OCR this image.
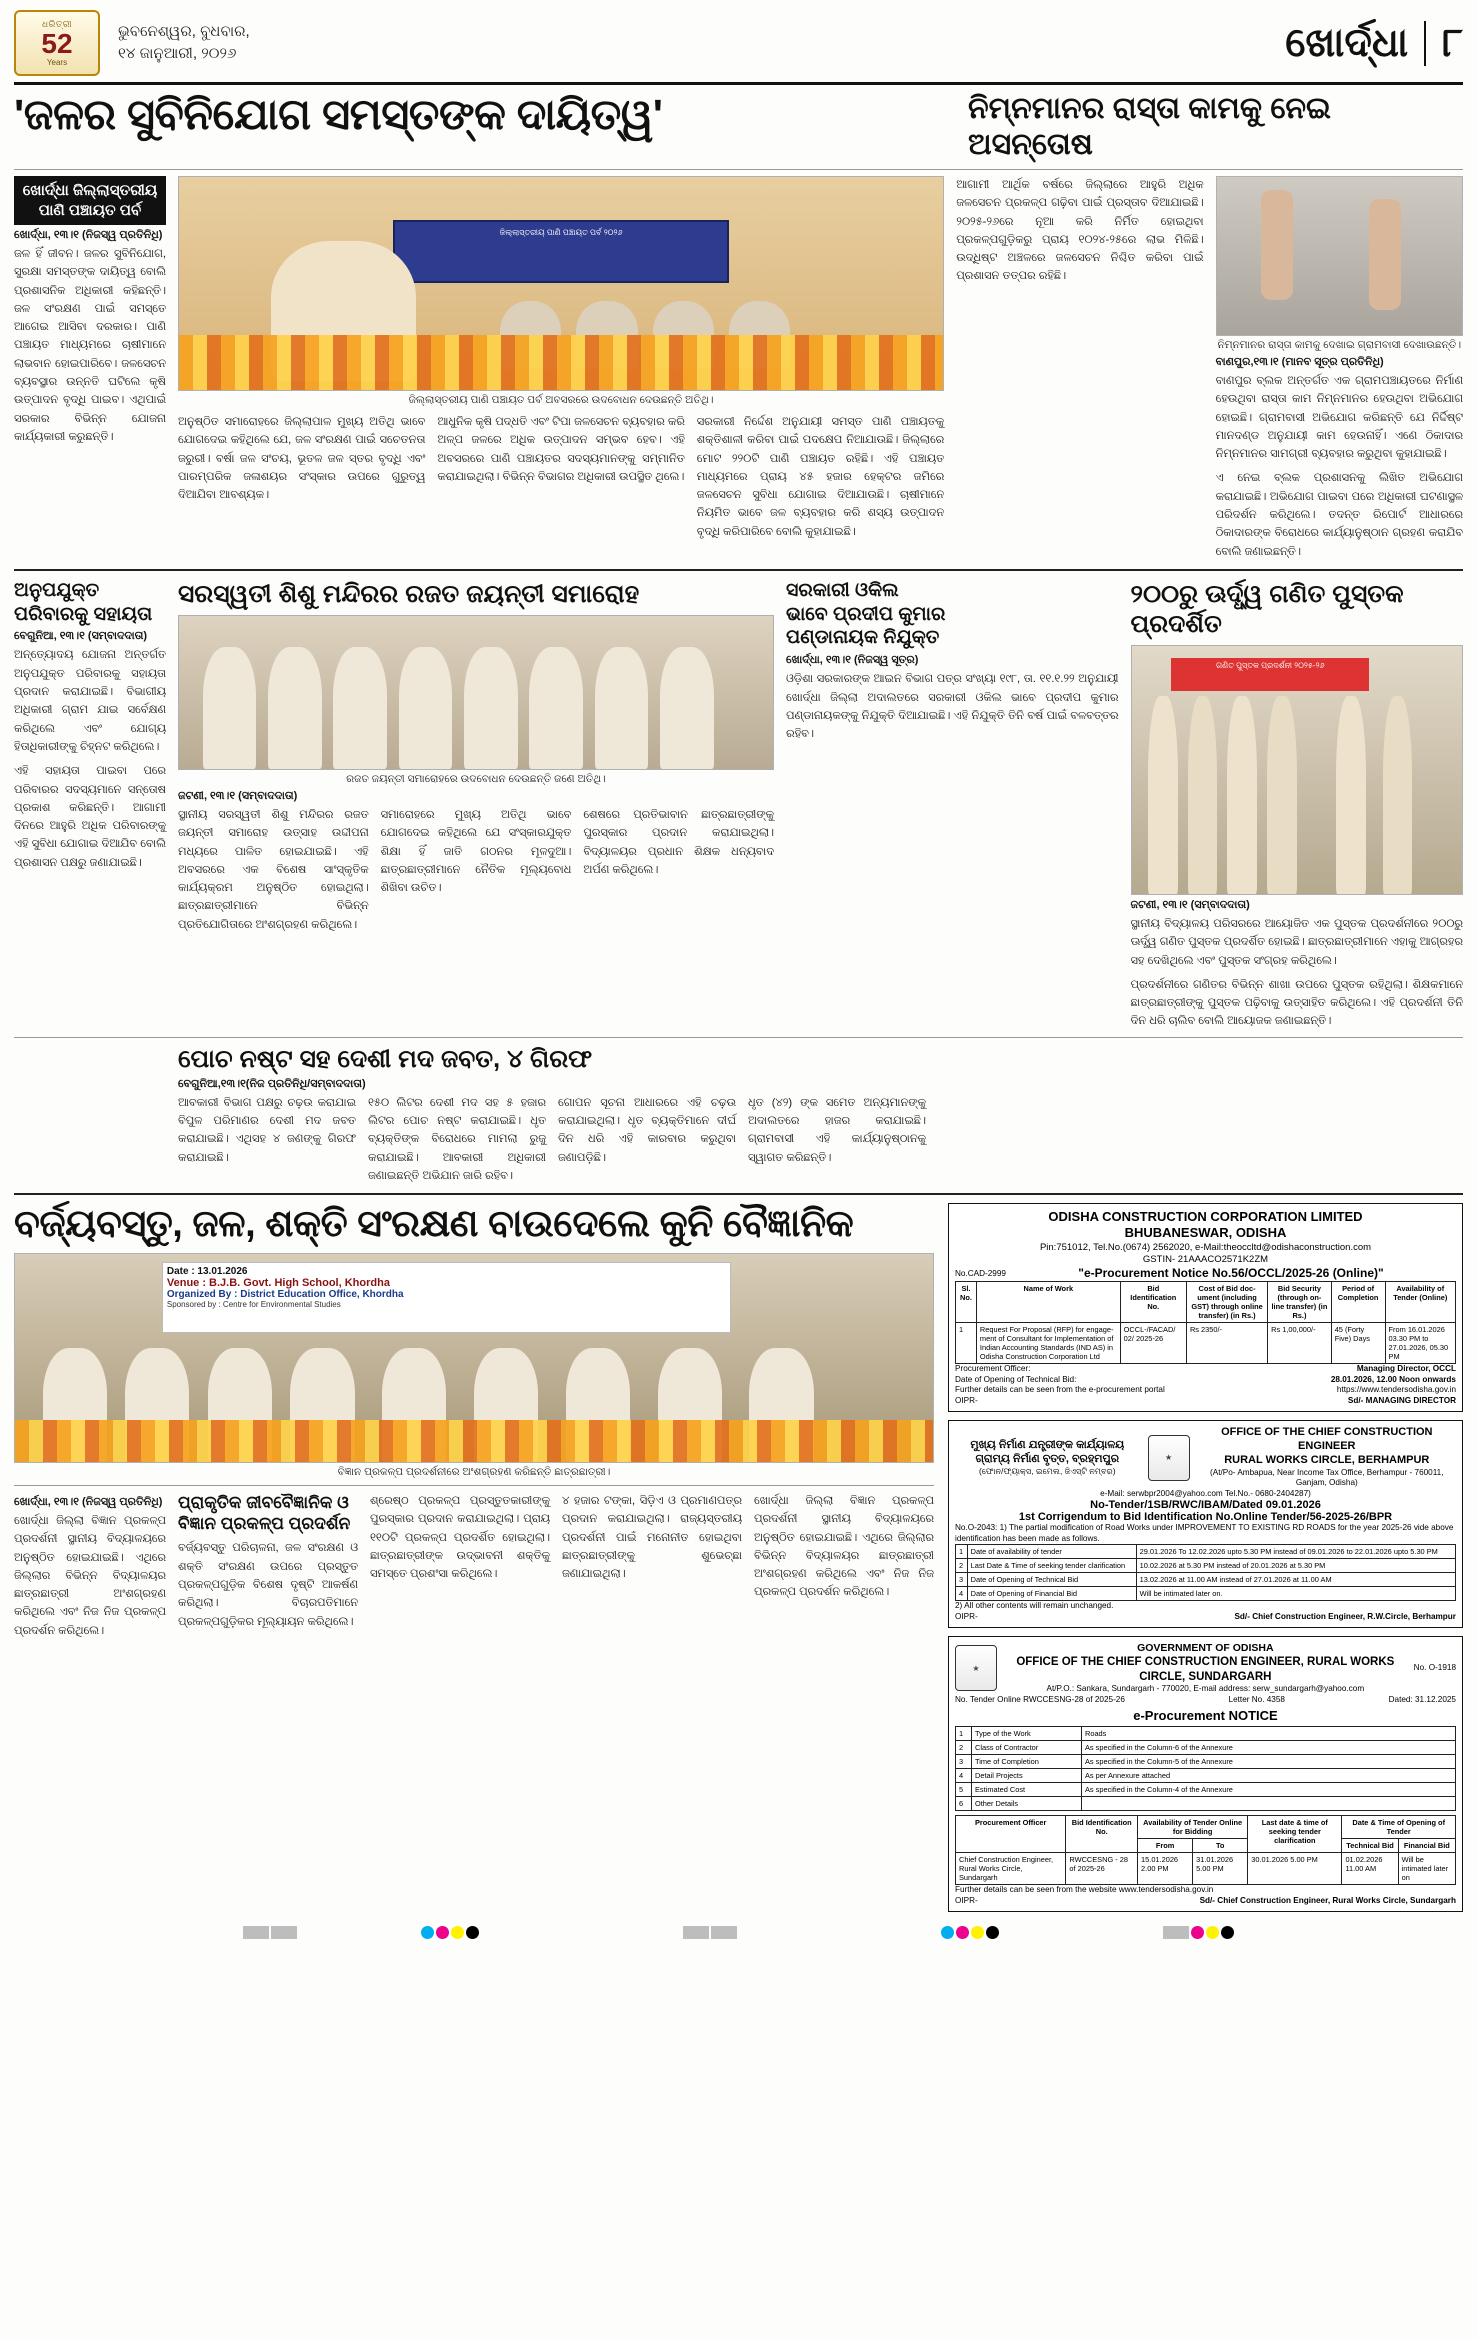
ଧରିତ୍ରୀ
52
Years
ଭୁବନେଶ୍ୱର, ବୁଧବାର,
୧୪ ଜାନୁଆରୀ, ୨୦୨୬	ଖୋର୍ଦ୍ଧା ୮
'ଜଳର ସୁବିନିଯୋଗ ସମସ୍ତଙ୍କ ଦାୟିତ୍ୱ'	ନିମ୍ନମାନର ରାସ୍ତା କାମକୁ ନେଇ ଅସନ୍ତୋଷ
ଖୋର୍ଦ୍ଧା ଜିଲ୍ଲାସ୍ତରୀୟ
ପାଣି ପଞ୍ଚାୟତ ପର୍ବ
ଖୋର୍ଦ୍ଧା, ୧୩।୧ (ନିଜସ୍ୱ ପ୍ରତିନିଧି)
ଜଳ ହିଁ ଜୀବନ। ଜଳର ସୁବିନିଯୋଗ, ସୁରକ୍ଷା ସମସ୍ତଙ୍କ ଦାୟିତ୍ୱ ବୋଲି ପ୍ରଶାସନିକ ଅଧିକାରୀ କହିଛନ୍ତି। ଜଳ ସଂରକ୍ଷଣ ପାଇଁ ସମସ୍ତେ ଆଗେଇ ଆସିବା ଦରକାର। ପାଣି ପଞ୍ଚାୟତ ମାଧ୍ୟମରେ ଚାଷୀମାନେ ଲାଭବାନ ହୋଇପାରିବେ। ଜଳସେଚନ ବ୍ୟବସ୍ଥାର ଉନ୍ନତି ଘଟିଲେ କୃଷି ଉତ୍ପାଦନ ବୃଦ୍ଧି ପାଇବ। ଏଥିପାଇଁ ସରକାର ବିଭିନ୍ନ ଯୋଜନା କାର୍ଯ୍ୟକାରୀ କରୁଛନ୍ତି।
ଜିଲ୍ଲାସ୍ତରୀୟ ପାଣି ପଞ୍ଚାୟତ ପର୍ବ ୨୦୨୬
ଜିଲ୍ଲାସ୍ତରୀୟ ପାଣି ପଞ୍ଚାୟତ ପର୍ବ ଅବସରରେ ଉଦବୋଧନ ଦେଉଛନ୍ତି ଅତିଥି।
ଅନୁଷ୍ଠିତ ସମାରୋହରେ ଜିଲ୍ଲାପାଳ ମୁଖ୍ୟ ଅତିଥି ଭାବେ ଯୋଗଦେଇ କହିଥିଲେ ଯେ, ଜଳ ସଂରକ୍ଷଣ ପାଇଁ ସଚେତନତା ଜରୁରୀ। ବର୍ଷା ଜଳ ସଂଚୟ, ଭୂତଳ ଜଳ ସ୍ତର ବୃଦ୍ଧି ଏବଂ ପାରମ୍ପରିକ ଜଳାଶୟର ସଂସ୍କାର ଉପରେ ଗୁରୁତ୍ୱ ଦିଆଯିବା ଆବଶ୍ୟକ।
ଆଧୁନିକ କୃଷି ପଦ୍ଧତି ଏବଂ ଟିପା ଜଳସେଚନ ବ୍ୟବହାର କରି ଅଳ୍ପ ଜଳରେ ଅଧିକ ଉତ୍ପାଦନ ସମ୍ଭବ ହେବ। ଏହି ଅବସରରେ ପାଣି ପଞ୍ଚାୟତର ସଦସ୍ୟମାନଙ୍କୁ ସମ୍ମାନିତ କରାଯାଇଥିଲା। ବିଭିନ୍ନ ବିଭାଗର ଅଧିକାରୀ ଉପସ୍ଥିତ ଥିଲେ।
ସରକାରୀ ନିର୍ଦ୍ଦେଶ ଅନୁଯାୟୀ ସମସ୍ତ ପାଣି ପଞ୍ଚାୟତକୁ ଶକ୍ତିଶାଳୀ କରିବା ପାଇଁ ପଦକ୍ଷେପ ନିଆଯାଉଛି। ଜିଲ୍ଲାରେ ମୋଟ ୨୨୦ଟି ପାଣି ପଞ୍ଚାୟତ ରହିଛି। ଏହି ପଞ୍ଚାୟତ ମାଧ୍ୟମରେ ପ୍ରାୟ ୪୫ ହଜାର ହେକ୍ଟର ଜମିରେ ଜଳସେଚନ ସୁବିଧା ଯୋଗାଇ ଦିଆଯାଉଛି। ଚାଷୀମାନେ ନିୟମିତ ଭାବେ ଜଳ ବ୍ୟବହାର କରି ଶସ୍ୟ ଉତ୍ପାଦନ ବୃଦ୍ଧି କରିପାରିବେ ବୋଲି କୁହାଯାଇଛି।
ଆଗାମୀ ଆର୍ଥିକ ବର୍ଷରେ ଜିଲ୍ଲାରେ ଆହୁରି ଅଧିକ ଜଳସେଚନ ପ୍ରକଳ୍ପ ଗଢ଼ିବା ପାଇଁ ପ୍ରସ୍ତାବ ଦିଆଯାଇଛି। ୨୦୨୫-୨୬ରେ ନୂଆ କରି ନିର୍ମିତ ହୋଇଥିବା ପ୍ରକଳ୍ପଗୁଡ଼ିକରୁ ପ୍ରାୟ ୧୦୨୪-୨୫ରେ ଲାଭ ମିଳିଛି। ଉଦ୍ଧିଷ୍ଟ ଅଞ୍ଚଳରେ ଜଳସେଚନ ନିଶ୍ଚିତ କରିବା ପାଇଁ ପ୍ରଶାସନ ତତ୍ପର ରହିଛି।
ନିମ୍ନମାନର ରାସ୍ତା କାମକୁ ଦେଖାଇ ଗ୍ରାମବାସୀ ଦେଖାଉଛନ୍ତି।
ବାଣପୁର,୧୩।୧ (ମାନବ ସୂତ୍ର ପ୍ରତିନିଧି)
ବାଣପୁର ବ୍ଲକ ଅନ୍ତର୍ଗତ ଏକ ଗ୍ରାମପଞ୍ଚାୟତରେ ନିର୍ମାଣ ହେଉଥିବା ରାସ୍ତା କାମ ନିମ୍ନମାନର ହେଉଥିବା ଅଭିଯୋଗ ହୋଇଛି। ଗ୍ରାମବାସୀ ଅଭିଯୋଗ କରିଛନ୍ତି ଯେ ନିର୍ଦ୍ଦିଷ୍ଟ ମାନଦଣ୍ଡ ଅନୁଯାୟୀ କାମ ହେଉନାହିଁ। ଏଣେ ଠିକାଦାର ନିମ୍ନମାନର ସାମଗ୍ରୀ ବ୍ୟବହାର କରୁଥିବା କୁହାଯାଇଛି।
ଏ ନେଇ ବ୍ଲକ ପ୍ରଶାସନକୁ ଲିଖିତ ଅଭିଯୋଗ କରାଯାଇଛି। ଅଭିଯୋଗ ପାଇବା ପରେ ଅଧିକାରୀ ଘଟଣାସ୍ଥଳ ପରିଦର୍ଶନ କରିଥିଲେ। ତଦନ୍ତ ରିପୋର୍ଟ ଆଧାରରେ ଠିକାଦାରଙ୍କ ବିରୋଧରେ କାର୍ଯ୍ୟାନୁଷ୍ଠାନ ଗ୍ରହଣ କରାଯିବ ବୋଲି ଜଣାଇଛନ୍ତି।
ଅନୁପଯୁକ୍ତ ପରିବାରକୁ ସହାୟତା
ବେଗୁନିଆ, ୧୩।୧ (ସମ୍ବାଦଦାତା)
ଅନ୍ତ୍ୟୋଦୟ ଯୋଜନା ଅନ୍ତର୍ଗତ ଅନୁପଯୁକ୍ତ ପରିବାରକୁ ସହାୟତା ପ୍ରଦାନ କରାଯାଇଛି। ବିଭାଗୀୟ ଅଧିକାରୀ ଗ୍ରାମ ଯାଇ ସର୍ବେକ୍ଷଣ କରିଥିଲେ ଏବଂ ଯୋଗ୍ୟ ହିତାଧିକାରୀଙ୍କୁ ଚିହ୍ନଟ କରିଥିଲେ।
ଏହି ସହାୟତା ପାଇବା ପରେ ପରିବାରର ସଦସ୍ୟମାନେ ସନ୍ତୋଷ ପ୍ରକାଶ କରିଛନ୍ତି। ଆଗାମୀ ଦିନରେ ଆହୁରି ଅଧିକ ପରିବାରଙ୍କୁ ଏହି ସୁବିଧା ଯୋଗାଇ ଦିଆଯିବ ବୋଲି ପ୍ରଶାସନ ପକ୍ଷରୁ ଜଣାଯାଇଛି।
ସରସ୍ୱତୀ ଶିଶୁ ମନ୍ଦିରର ରଜତ ଜୟନ୍ତୀ ସମାରୋହ
ରଜତ ଜୟନ୍ତୀ ସମାରୋହରେ ଉଦବୋଧନ ଦେଉଛନ୍ତି ଜଣେ ଅତିଥି।
ଜଟଣୀ, ୧୩।୧ (ସମ୍ବାଦଦାତା)
ସ୍ଥାନୀୟ ସରସ୍ୱତୀ ଶିଶୁ ମନ୍ଦିରର ରଜତ ଜୟନ୍ତୀ ସମାରୋହ ଉତ୍ସାହ ଉଦ୍ଦୀପନା ମଧ୍ୟରେ ପାଳିତ ହୋଇଯାଇଛି। ଏହି ଅବସରରେ ଏକ ବିଶେଷ ସାଂସ୍କୃତିକ କାର୍ଯ୍ୟକ୍ରମ ଅନୁଷ୍ଠିତ ହୋଇଥିଲା। ଛାତ୍ରଛାତ୍ରୀମାନେ ବିଭିନ୍ନ ପ୍ରତିଯୋଗିତାରେ ଅଂଶଗ୍ରହଣ କରିଥିଲେ।
ସମାରୋହରେ ମୁଖ୍ୟ ଅତିଥି ଭାବେ ଯୋଗଦେଇ କହିଥିଲେ ଯେ ସଂସ୍କାରଯୁକ୍ତ ଶିକ୍ଷା ହିଁ ଜାତି ଗଠନର ମୂଳଦୁଆ। ଛାତ୍ରଛାତ୍ରୀମାନେ ନୈତିକ ମୂଲ୍ୟବୋଧ ଶିଖିବା ଉଚିତ।
ଶେଷରେ ପ୍ରତିଭାବାନ ଛାତ୍ରଛାତ୍ରୀଙ୍କୁ ପୁରସ୍କାର ପ୍ରଦାନ କରାଯାଇଥିଲା। ବିଦ୍ୟାଳୟର ପ୍ରଧାନ ଶିକ୍ଷକ ଧନ୍ୟବାଦ ଅର୍ପଣ କରିଥିଲେ।
ସରକାରୀ ଓକିଲ
ଭାବେ ପ୍ରଦୀପ କୁମାର
ପଣ୍ଡାନାୟକ ନିଯୁକ୍ତ
ଖୋର୍ଦ୍ଧା, ୧୩।୧ (ନିଜସ୍ୱ ସୂତ୍ର)
ଓଡ଼ିଶା ସରକାରଙ୍କ ଆଇନ ବିଭାଗ ପତ୍ର ସଂଖ୍ୟା ୧୯୮, ତା. ୧୧.୧.୨୨ ଅନୁଯାୟୀ ଖୋର୍ଦ୍ଧା ଜିଲ୍ଲା ଅଦାଲତରେ ସରକାରୀ ଓକିଲ ଭାବେ ପ୍ରଦୀପ କୁମାର ପଣ୍ଡାନାୟକଙ୍କୁ ନିଯୁକ୍ତି ଦିଆଯାଇଛି। ଏହି ନିଯୁକ୍ତି ତିନି ବର୍ଷ ପାଇଁ ବଳବତ୍ତର ରହିବ।
୨୦୦ରୁ ଊର୍ଦ୍ଧ୍ୱ ଗଣିତ ପୁସ୍ତକ ପ୍ରଦର୍ଶିତ
ଗଣିତ ପୁସ୍ତକ ପ୍ରଦର୍ଶନୀ ୨୦୨୫-୨୬
ଜଟଣୀ, ୧୩।୧ (ସମ୍ବାଦଦାତା)
ସ୍ଥାନୀୟ ବିଦ୍ୟାଳୟ ପରିସରରେ ଆୟୋଜିତ ଏକ ପୁସ୍ତକ ପ୍ରଦର୍ଶନୀରେ ୨୦୦ରୁ ଊର୍ଦ୍ଧ୍ୱ ଗଣିତ ପୁସ୍ତକ ପ୍ରଦର୍ଶିତ ହୋଇଛି। ଛାତ୍ରଛାତ୍ରୀମାନେ ଏହାକୁ ଆଗ୍ରହର ସହ ଦେଖିଥିଲେ ଏବଂ ପୁସ୍ତକ ସଂଗ୍ରହ କରିଥିଲେ।
ପ୍ରଦର୍ଶନୀରେ ଗଣିତର ବିଭିନ୍ନ ଶାଖା ଉପରେ ପୁସ୍ତକ ରହିଥିଲା। ଶିକ୍ଷକମାନେ ଛାତ୍ରଛାତ୍ରୀଙ୍କୁ ପୁସ୍ତକ ପଢ଼ିବାକୁ ଉତ୍ସାହିତ କରିଥିଲେ। ଏହି ପ୍ରଦର୍ଶନୀ ତିନି ଦିନ ଧରି ଚାଲିବ ବୋଲି ଆୟୋଜକ ଜଣାଇଛନ୍ତି।
ପୋଚ ନଷ୍ଟ ସହ ଦେଶୀ ମଦ ଜବତ, ୪ ଗିରଫ
ବେଗୁନିଆ,୧୩।୧(ନିଜ ପ୍ରତିନିଧି/ସମ୍ବାଦଦାତା)
ଆବକାରୀ ବିଭାଗ ପକ୍ଷରୁ ଚଢ଼ଉ କରାଯାଇ ବିପୁଳ ପରିମାଣର ଦେଶୀ ମଦ ଜବତ କରାଯାଇଛି। ଏଥିସହ ୪ ଜଣଙ୍କୁ ଗିରଫ କରାଯାଇଛି।
୧୫୦ ଲିଟର ଦେଶୀ ମଦ ସହ ୫ ହଜାର ଲିଟର ପୋଚ ନଷ୍ଟ କରାଯାଇଛି। ଧୃତ ବ୍ୟକ୍ତିଙ୍କ ବିରୋଧରେ ମାମଲା ରୁଜୁ କରାଯାଇଛି। ଆବକାରୀ ଅଧିକାରୀ ଜଣାଇଛନ୍ତି ଅଭିଯାନ ଜାରି ରହିବ।
ଗୋପନ ସୂଚନା ଆଧାରରେ ଏହି ଚଢ଼ଉ କରାଯାଇଥିଲା। ଧୃତ ବ୍ୟକ୍ତିମାନେ ଦୀର୍ଘ ଦିନ ଧରି ଏହି କାରବାର କରୁଥିବା ଜଣାପଡ଼ିଛି।
ଧୃତ (୪୨) ଙ୍କ ସମେତ ଅନ୍ୟମାନଙ୍କୁ ଅଦାଲତରେ ହାଜର କରାଯାଇଛି। ଗ୍ରାମବାସୀ ଏହି କାର୍ଯ୍ୟାନୁଷ୍ଠାନକୁ ସ୍ୱାଗତ କରିଛନ୍ତି।
ବର୍ଜ୍ୟବସ୍ତୁ, ଜଳ, ଶକ୍ତି ସଂରକ୍ଷଣ ବାଉଦେଲେ କୁନି ବୈଜ୍ଞାନିକ
Date : 13.01.2026
Venue : B.J.B. Govt. High School, Khordha
Organized By : District Education Office, Khordha
Sponsored by : Centre for Environmental Studies
ବିଜ୍ଞାନ ପ୍ରକଳ୍ପ ପ୍ରଦର୍ଶନୀରେ ଅଂଶଗ୍ରହଣ କରିଛନ୍ତି ଛାତ୍ରଛାତ୍ରୀ।
ଖୋର୍ଦ୍ଧା, ୧୩।୧ (ନିଜସ୍ୱ ପ୍ରତିନିଧି)
ଖୋର୍ଦ୍ଧା ଜିଲ୍ଲା ବିଜ୍ଞାନ ପ୍ରକଳ୍ପ ପ୍ରଦର୍ଶନୀ ସ୍ଥାନୀୟ ବିଦ୍ୟାଳୟରେ ଅନୁଷ୍ଠିତ ହୋଇଯାଇଛି। ଏଥିରେ ଜିଲ୍ଲାର ବିଭିନ୍ନ ବିଦ୍ୟାଳୟର ଛାତ୍ରଛାତ୍ରୀ ଅଂଶଗ୍ରହଣ କରିଥିଲେ ଏବଂ ନିଜ ନିଜ ପ୍ରକଳ୍ପ ପ୍ରଦର୍ଶନ କରିଥିଲେ।
ପ୍ରାକୃତିକ ଜୀବବୈଜ୍ଞାନିକ ଓ ବିଜ୍ଞାନ ପ୍ରକଳ୍ପ ପ୍ରଦର୍ଶନ
ବର୍ଜ୍ୟବସ୍ତୁ ପରିଚାଳନା, ଜଳ ସଂରକ୍ଷଣ ଓ ଶକ୍ତି ସଂରକ୍ଷଣ ଉପରେ ପ୍ରସ୍ତୁତ ପ୍ରକଳ୍ପଗୁଡ଼ିକ ବିଶେଷ ଦୃଷ୍ଟି ଆକର୍ଷଣ କରିଥିଲା। ବିଚାରପତିମାନେ ପ୍ରକଳ୍ପଗୁଡ଼ିକର ମୂଲ୍ୟାୟନ କରିଥିଲେ।
ଶ୍ରେଷ୍ଠ ପ୍ରକଳ୍ପ ପ୍ରସ୍ତୁତକାରୀଙ୍କୁ ପୁରସ୍କାର ପ୍ରଦାନ କରାଯାଇଥିଲା। ପ୍ରାୟ ୧୧୦ଟି ପ୍ରକଳ୍ପ ପ୍ରଦର୍ଶିତ ହୋଇଥିଲା। ଛାତ୍ରଛାତ୍ରୀଙ୍କ ଉଦ୍ଭାବନୀ ଶକ୍ତିକୁ ସମସ୍ତେ ପ୍ରଶଂସା କରିଥିଲେ।
୪ ହଜାର ଟଙ୍କା, ସିଡ଼ିଏ ଓ ପ୍ରମାଣପତ୍ର ପ୍ରଦାନ କରାଯାଇଥିଲା। ରାଜ୍ୟସ୍ତରୀୟ ପ୍ରଦର୍ଶନୀ ପାଇଁ ମନୋନୀତ ହୋଇଥିବା ଛାତ୍ରଛାତ୍ରୀଙ୍କୁ ଶୁଭେଚ୍ଛା ଜଣାଯାଇଥିଲା।
ଖୋର୍ଦ୍ଧା ଜିଲ୍ଲା ବିଜ୍ଞାନ ପ୍ରକଳ୍ପ ପ୍ରଦର୍ଶନୀ ସ୍ଥାନୀୟ ବିଦ୍ୟାଳୟରେ ଅନୁଷ୍ଠିତ ହୋଇଯାଇଛି। ଏଥିରେ ଜିଲ୍ଲାର ବିଭିନ୍ନ ବିଦ୍ୟାଳୟର ଛାତ୍ରଛାତ୍ରୀ ଅଂଶଗ୍ରହଣ କରିଥିଲେ ଏବଂ ନିଜ ନିଜ ପ୍ରକଳ୍ପ ପ୍ରଦର୍ଶନ କରିଥିଲେ।
ODISHA CONSTRUCTION CORPORATION LIMITED
BHUBANESWAR, ODISHA
Pin:751012, Tel.No.(0674) 2562020, e-Mail:theoccltd@odishaconstruction.com
GSTIN- 21AAACO2571K2ZM
No.CAD-2999	"e-Procurement Notice No.56/OCCL/2025-26 (Online)"
Sl. No.	Name of Work	Bid Identification No.	Cost of Bid doc-ument (including GST) through online transfer) (in Rs.)	Bid Security (through on-line transfer) (in Rs.)	Period of Completion	Availability of Tender (Online)
1	Request For Proposal (RFP) for engage-ment of Consultant for Implementation of Indian Accounting Standards (IND AS) in Odisha Construction Corporation Ltd	OCCL-/FACAD/ 02/ 2025-26	Rs 2350/-	Rs 1,00,000/-	45 (Forty Five) Days	From 16.01.2026 03.30 PM to 27.01.2026, 05.30 PM
Procurement Officer:	Managing Director, OCCL
Date of Opening of Technical Bid:	28.01.2026, 12.00 Noon onwards
Further details can be seen from the e-procurement portal	https://www.tendersodisha.gov.in
OIPR-	Sd/- MANAGING DIRECTOR
ମୁଖ୍ୟ ନିର୍ମାଣ ଯନ୍ତ୍ରୀଙ୍କ କାର୍ଯ୍ୟାଳୟ
ଗ୍ରାମ୍ୟ ନିର୍ମାଣ ବୃତ୍ତ, ବ୍ରହ୍ମପୁର
(ଫୋନ/ଫ୍ୟାକ୍ସ, ଇମେଲ, ଜିଏସ୍‌ଟି ନମ୍ବର)
★
OFFICE OF THE CHIEF CONSTRUCTION ENGINEER
RURAL WORKS CIRCLE, BERHAMPUR
(At/Po- Ambapua, Near Income Tax Office, Berhampur - 760011, Ganjam, Odisha)
e-Mail: serwbpr2004@yahoo.com Tel.No.- 0680-2404287)
No-Tender/1SB/RWC/IBAM/Dated 09.01.2026
1st Corrigendum to Bid Identification No.Online Tender/56-2025-26/BPR
No.O-2043: 1) The partial modification of Road Works under IMPROVEMENT TO EXISTING RD ROADS for the year 2025-26 vide above identification has been made as follows.
1	Date of availability of tender	29.01.2026 To 12.02.2026 upto 5.30 PM instead of 09.01.2026 to 22.01.2026 upto 5.30 PM
2	Last Date & Time of seeking tender clarification	10.02.2026 at 5.30 PM instead of 20.01.2026 at 5.30 PM
3	Date of Opening of Technical Bid	13.02.2026 at 11.00 AM instead of 27.01.2026 at 11.00 AM
4	Date of Opening of Financial Bid	Will be intimated later on.
2) All other contents will remain unchanged.
OIPR-	Sd/- Chief Construction Engineer, R.W.Circle, Berhampur
★
GOVERNMENT OF ODISHA
OFFICE OF THE CHIEF CONSTRUCTION ENGINEER, RURAL WORKS CIRCLE, SUNDARGARH
At/P.O.: Sankara, Sundargarh - 770020, E-mail address: serw_sundargarh@yahoo.com
No. O-1918
No. Tender Online RWCCESNG-28 of 2025-26	Letter No. 4358	Dated: 31.12.2025
e-Procurement NOTICE
1	Type of the Work	Roads
2	Class of Contractor	As specified in the Column-6 of the Annexure
3	Time of Completion	As specified in the Column-5 of the Annexure
4	Detail Projects	As per Annexure attached
5	Estimated Cost	As specified in the Column-4 of the Annexure
6	Other Details	
Procurement Officer	Bid Identification No.	Availability of Tender Online for Bidding		Last date & time of seeking tender clarification	Date & Time of Opening of Tender	
		From	To		Technical Bid	Financial Bid
Chief Construction Engineer, Rural Works Circle, Sundargarh	RWCCESNG - 28 of 2025-26	15.01.2026 2.00 PM	31.01.2026 5.00 PM	30.01.2026 5.00 PM	01.02.2026 11.00 AM	Will be intimated later on
Further details can be seen from the website www.tendersodisha.gov.in
OIPR-	Sd/- Chief Construction Engineer, Rural Works Circle, Sundargarh
